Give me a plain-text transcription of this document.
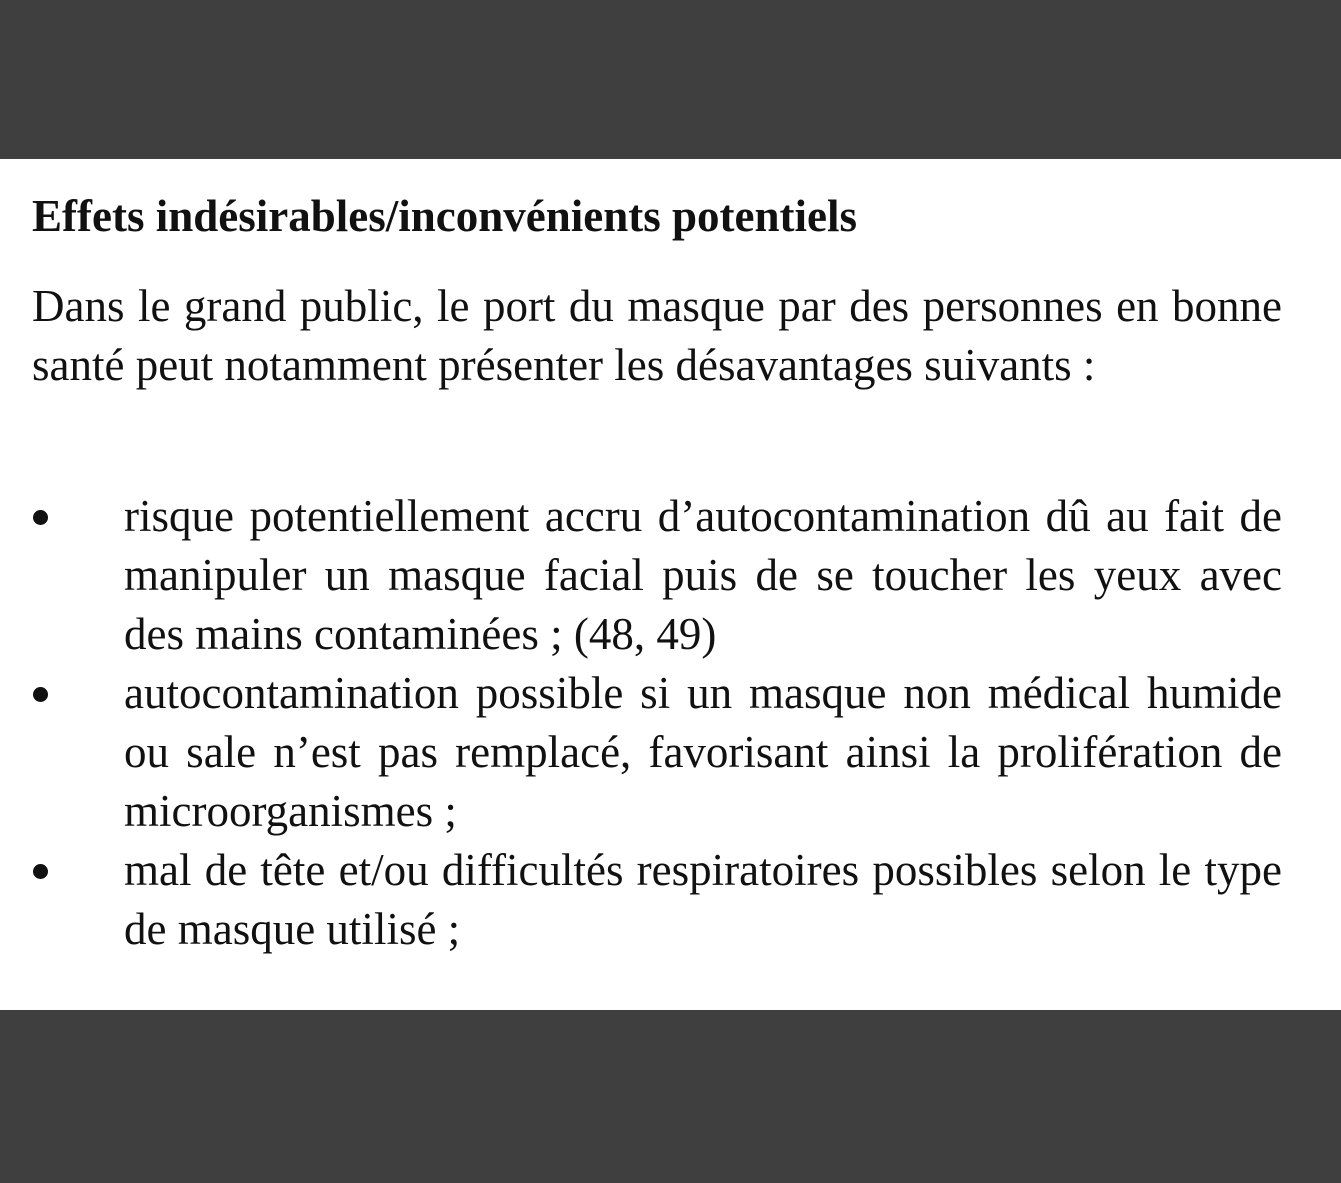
Effets indésirables/inconvénients potentiels

Dans le grand public, le port du masque par des personnes en bonne santé peut notamment présenter les désavantages suivants :

risque potentiellement accru d’autocontamination dû au fait de manipuler un masque facial puis de se toucher les yeux avec des mains contaminées ; (48, 49)
autocontamination possible si un masque non médical humide ou sale n’est pas remplacé, favorisant ainsi la prolifération de microorganismes ;
mal de tête et/ou difficultés respiratoires possibles selon le type de masque utilisé ;
